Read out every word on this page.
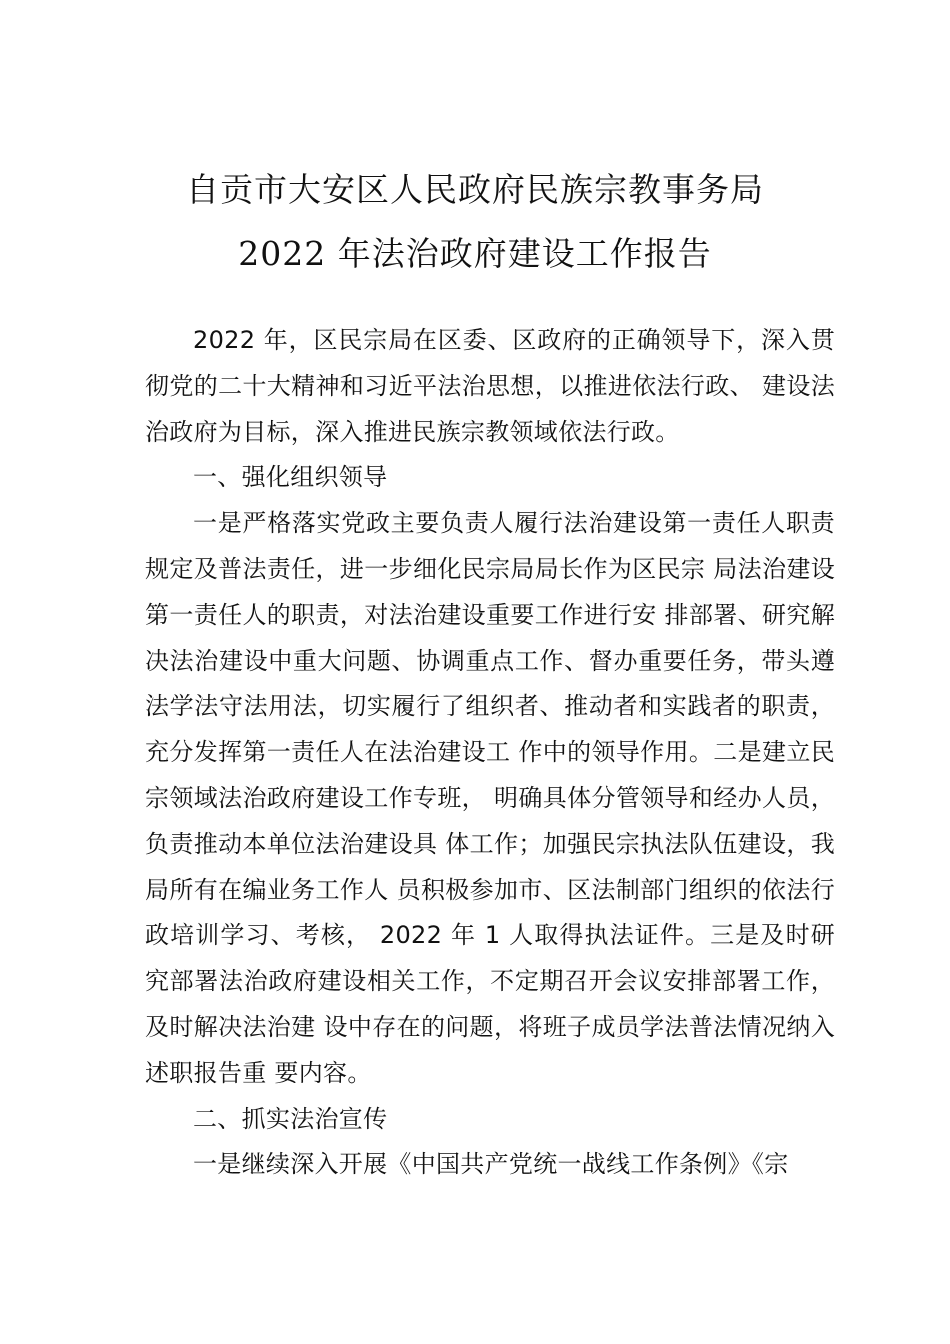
自贡市大安区人民政府民族宗教事务局
2022 年法治政府建设工作报告

2022 年，区民宗局在区委、区政府的正确领导下，深入贯彻党的二十大精神和习近平法治思想，以推进依法行政、 建设法治政府为目标，深入推进民族宗教领域依法行政。

一、强化组织领导

一是严格落实党政主要负责人履行法治建设第一责任人职责规定及普法责任，进一步细化民宗局局长作为区民宗 局法治建设第一责任人的职责，对法治建设重要工作进行安 排部署、研究解决法治建设中重大问题、协调重点工作、督办重要任务，带头遵法学法守法用法，切实履行了组织者、推动者和实践者的职责，充分发挥第一责任人在法治建设工 作中的领导作用。二是建立民宗领域法治政府建设工作专班， 明确具体分管领导和经办人员，负责推动本单位法治建设具 体工作；加强民宗执法队伍建设，我局所有在编业务工作人 员积极参加市、区法制部门组织的依法行政培训学习、考核， 2022 年 1 人取得执法证件。三是及时研究部署法治政府建设相关工作，不定期召开会议安排部署工作，及时解决法治建 设中存在的问题，将班子成员学法普法情况纳入述职报告重 要内容。

二、抓实法治宣传

一是继续深入开展《中国共产党统一战线工作条例》《宗
